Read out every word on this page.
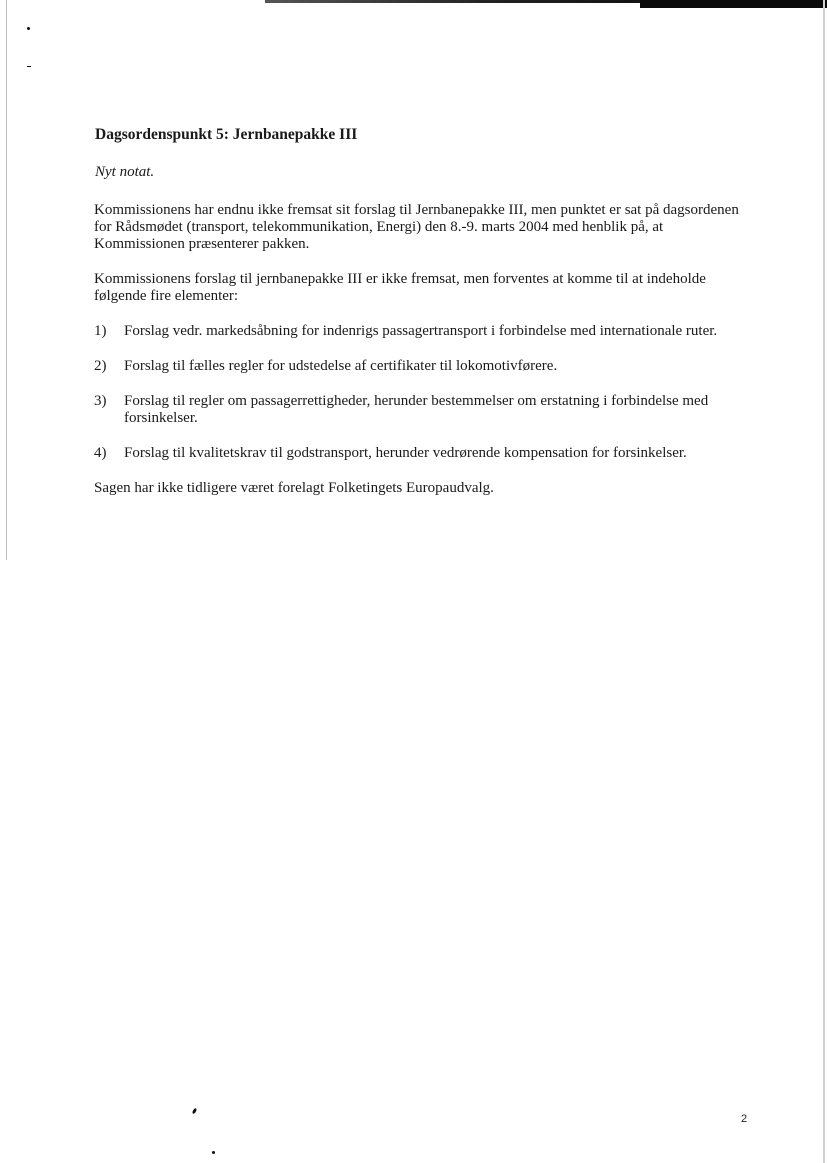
Dagsordenspunkt 5: Jernbanepakke III
Nyt notat.

Kommissionens har endnu ikke fremsat sit forslag til Jernbanepakke III, men punktet er sat på dagsordenen for Rådsmødet (transport, telekommunikation, Energi) den 8.-9. marts 2004 med henblik på, at Kommissionen præsenterer pakken.

Kommissionens forslag til jernbanepakke III er ikke fremsat, men forventes at komme til at indeholde følgende fire elementer:

1)	Forslag vedr. markedsåbning for indenrigs passagertransport i forbindelse med internationale ruter.
2)	Forslag til fælles regler for udstedelse af certifikater til lokomotivførere.
3)	Forslag til regler om passagerrettigheder, herunder bestemmelser om erstatning i forbindelse med forsinkelser.
4)	Forslag til kvalitetskrav til godstransport, herunder vedrørende kompensation for forsinkelser.

Sagen har ikke tidligere været forelagt Folketingets Europaudvalg.

2
